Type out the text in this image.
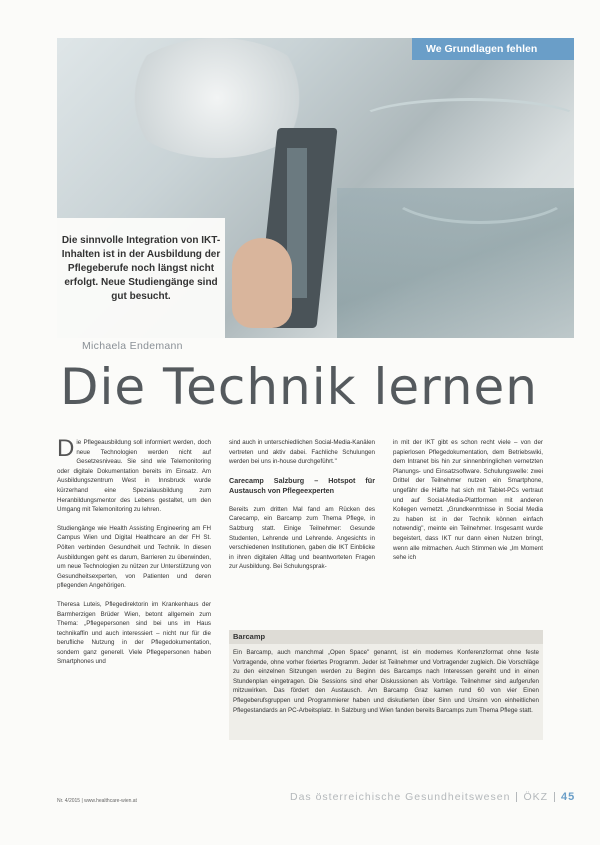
We Grundlagen fehlen
Die sinnvolle Integration von IKT-Inhalten ist in der Ausbildung der Pflegeberufe noch längst nicht erfolgt. Neue Studiengänge sind gut besucht.
Michaela Endemann
Die Technik lernen

Die Pflegeausbildung soll informiert werden, doch neue Technologien werden nicht auf Gesetzesniveau. Sie sind wie Telemonitoring oder digitale Dokumentation bereits im Einsatz. Am Ausbildungszentrum West in Innsbruck wurde kürzerhand eine Spezialausbildung zum Heranbildungsmentor des Lebens gestaltet, um den Umgang mit Telemonitoring zu lehren.

Studiengänge wie Health Assisting Engineering am FH Campus Wien und Digital Healthcare an der FH St. Pölten verbinden Gesundheit und Technik. In diesen Ausbildungen geht es darum, Barrieren zu überwinden, um neue Technologien zu nützen zur Unterstützung von Gesundheitsexperten, von Patienten und deren pflegenden Angehörigen.

Theresa Luteis, Pflegedirektorin im Krankenhaus der Barmherzigen Brüder Wien, betont allgemein zum Thema: „Pflegepersonen sind bei uns im Haus technikaffin und auch interessiert – nicht nur für die berufliche Nutzung in der Pflegedokumentation, sondern ganz generell. Viele Pflegepersonen haben Smartphones und

sind auch in unterschiedlichen Social-Media-Kanälen vertreten und aktiv dabei. Fachliche Schulungen werden bei uns in-house durchgeführt."

Carecamp Salzburg – Hotspot für Austausch von Pflegeexperten

Bereits zum dritten Mal fand am Rücken des Carecamp, ein Barcamp zum Thema Pflege, in Salzburg statt. Einige Teilnehmer: Gesunde Studenten, Lehrende und Lehrende. Angesichts in verschiedenen Institutionen, gaben die IKT Einblicke in ihren digitalen Alltag und beantworteten Fragen zur Ausbildung. Bei Schulungsprak-

in mit der IKT gibt es schon recht viele – von der papierlosen Pflegedokumentation, dem Betriebswiki, dem Intranet bis hin zur sinnenbringlichen vernetzten Planungs- und Einsatzsoftware. Schulungswelle: zwei Drittel der Teilnehmer nutzen ein Smartphone, ungefähr die Hälfte hat sich mit Tablet-PCs vertraut und auf Social-Media-Plattformen mit anderen Kollegen vernetzt. „Grundkenntnisse in Social Media zu haben ist in der Technik können einfach notwendig", meinte ein Teilnehmer. Insgesamt wurde begeistert, dass IKT nur dann einen Nutzen bringt, wenn alle mitmachen. Auch Stimmen wie „Im Moment sehe ich

Barcamp
Ein Barcamp, auch manchmal „Open Space" genannt, ist ein modernes Konferenzformat ohne feste Vortragende, ohne vorher fixiertes Programm. Jeder ist Teilnehmer und Vortragender zugleich. Die Vorschläge zu den einzelnen Sitzungen werden zu Beginn des Barcamps nach Interessen gereiht und in einen Stundenplan eingetragen. Die Sessions sind eher Diskussionen als Vorträge. Teilnehmer sind aufgerufen mitzuwirken. Das fördert den Austausch. Am Barcamp Graz kamen rund 60 von vier Einen Pflegeberufsgruppen und Programmierer haben und diskutierten über Sinn und Unsinn von einheitlichen Pflegestandards an PC-Arbeitsplatz. In Salzburg und Wien fanden bereits Barcamps zum Thema Pflege statt.
Nr. 4/2015 | www.healthcare-wien.at	Das österreichische Gesundheitswesen ÖKZ 45
